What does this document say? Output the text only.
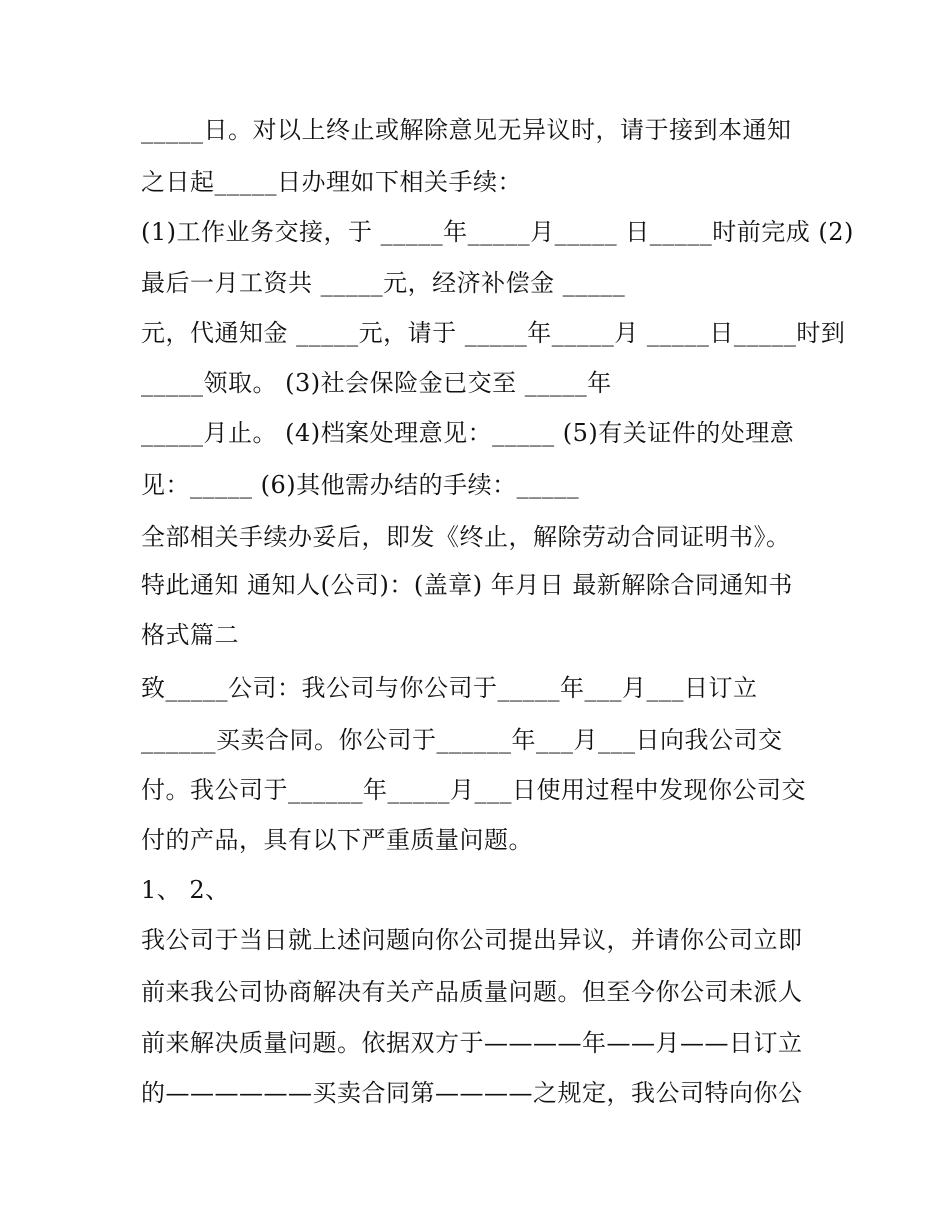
_____日。对以上终止或解除意见无异议时，请于接到本通知
之日起_____日办理如下相关手续：
(1)工作业务交接，于 _____年_____月_____ 日_____时前完成 (2)
最后一月工资共 _____元，经济补偿金 _____
元，代通知金 _____元，请于 _____年_____月 _____日_____时到
_____领取。 (3)社会保险金已交至 _____年
_____月止。 (4)档案处理意见：_____ (5)有关证件的处理意
见：_____ (6)其他需办结的手续：_____
全部相关手续办妥后，即发《终止，解除劳动合同证明书》。
特此通知 通知人(公司)：(盖章) 年月日 最新解除合同通知书
格式篇二
致_____公司：我公司与你公司于_____年___月___日订立
______买卖合同。你公司于______年___月___日向我公司交
付。我公司于______年_____月___日使用过程中发现你公司交
付的产品，具有以下严重质量问题。
1、 2、
我公司于当日就上述问题向你公司提出异议，并请你公司立即
前来我公司协商解决有关产品质量问题。但至今你公司未派人
前来解决质量问题。依据双方于————年——月——日订立
的——————买卖合同第————之规定，我公司特向你公
